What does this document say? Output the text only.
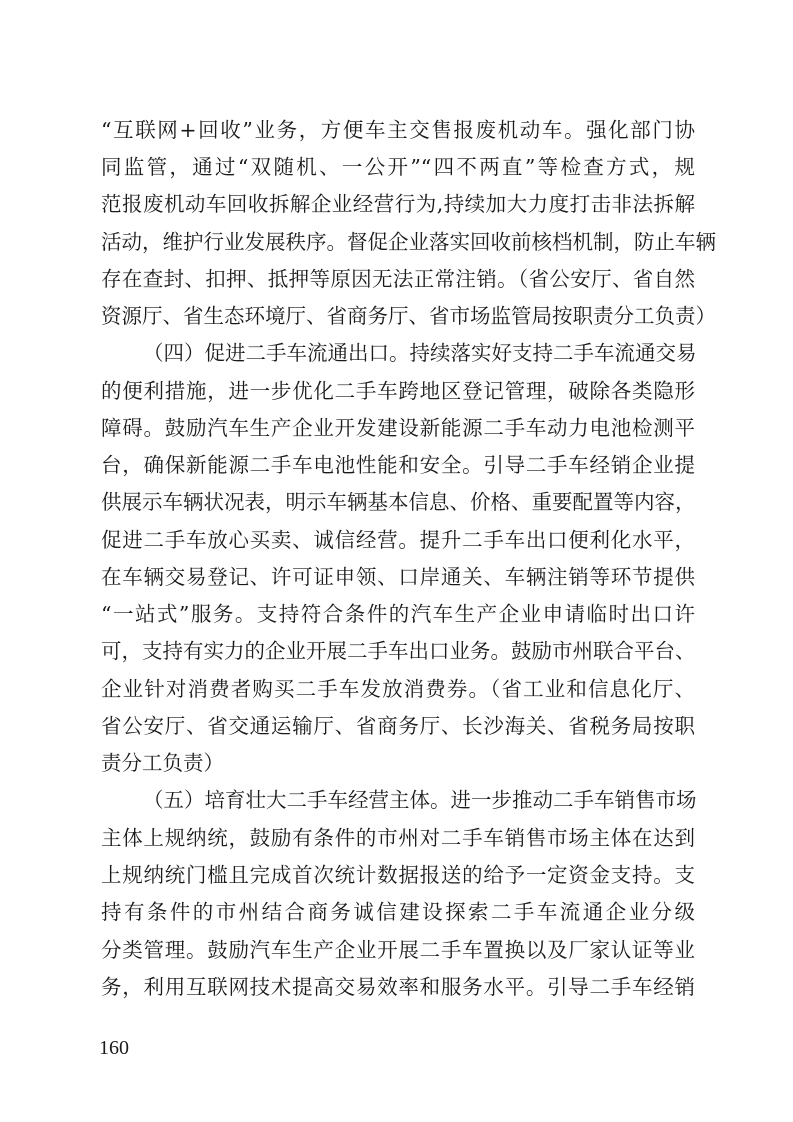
“互联网+回收”业务，方便车主交售报废机动车。强化部门协
同监管，通过“双随机、一公开”“四不两直”等检查方式，规
范报废机动车回收拆解企业经营行为,持续加大力度打击非法拆解
活动，维护行业发展秩序。督促企业落实回收前核档机制，防止车辆
存在查封、扣押、抵押等原因无法正常注销。（省公安厅、省自然
资源厅、省生态环境厅、省商务厅、省市场监管局按职责分工负责）
（四）促进二手车流通出口。持续落实好支持二手车流通交易
的便利措施，进一步优化二手车跨地区登记管理，破除各类隐形
障碍。鼓励汽车生产企业开发建设新能源二手车动力电池检测平
台，确保新能源二手车电池性能和安全。引导二手车经销企业提
供展示车辆状况表，明示车辆基本信息、价格、重要配置等内容，
促进二手车放心买卖、诚信经营。提升二手车出口便利化水平，
在车辆交易登记、许可证申领、口岸通关、车辆注销等环节提供
“一站式”服务。支持符合条件的汽车生产企业申请临时出口许
可，支持有实力的企业开展二手车出口业务。鼓励市州联合平台、
企业针对消费者购买二手车发放消费券。（省工业和信息化厅、
省公安厅、省交通运输厅、省商务厅、长沙海关、省税务局按职
责分工负责）
（五）培育壮大二手车经营主体。进一步推动二手车销售市场
主体上规纳统，鼓励有条件的市州对二手车销售市场主体在达到
上规纳统门槛且完成首次统计数据报送的给予一定资金支持。支
持有条件的市州结合商务诚信建设探索二手车流通企业分级
分类管理。鼓励汽车生产企业开展二手车置换以及厂家认证等业
务，利用互联网技术提高交易效率和服务水平。引导二手车经销
160
